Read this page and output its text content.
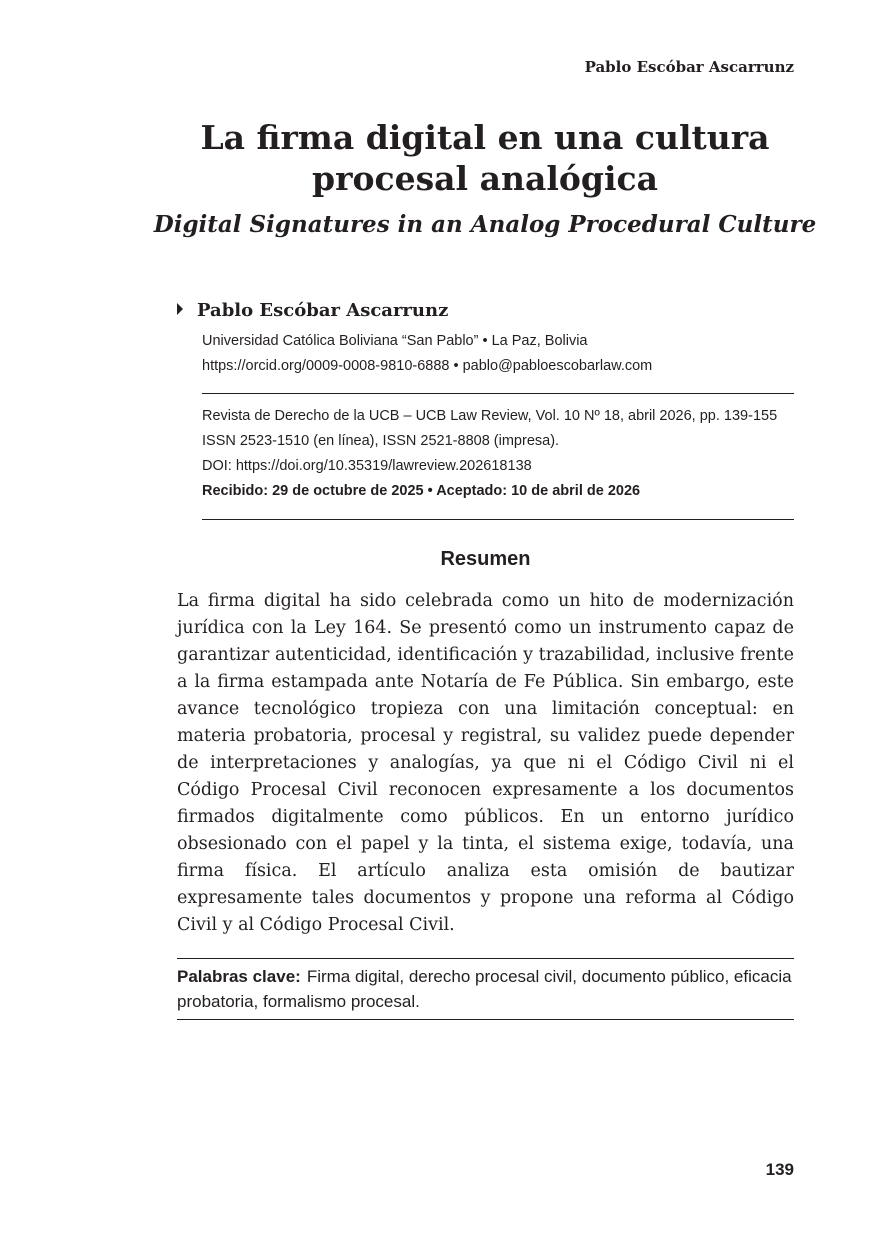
Pablo Escóbar Ascarrunz
La firma digital en una cultura
procesal analógica
Digital Signatures in an Analog Procedural Culture
Pablo Escóbar Ascarrunz
Universidad Católica Boliviana “San Pablo” • La Paz, Bolivia
https://orcid.org/0009-0008-9810-6888 • pablo@pabloescobarlaw.com
Revista de Derecho de la UCB – UCB Law Review, Vol. 10 Nº 18, abril 2026, pp. 139-155
ISSN 2523-1510 (en línea), ISSN 2521-8808 (impresa).
DOI: https://doi.org/10.35319/lawreview.202618138
Recibido: 29 de octubre de 2025 • Aceptado: 10 de abril de 2026
Resumen

La firma digital ha sido celebrada como un hito de modernización jurídica con la Ley 164. Se presentó como un instrumento capaz de garantizar autenticidad, identificación y trazabilidad, inclusive frente a la firma estampada ante Notaría de Fe Pública. Sin embargo, este avance tecnológico tropieza con una limitación conceptual: en materia probatoria, procesal y registral, su validez puede depender de interpretaciones y analogías, ya que ni el Código Civil ni el Código Procesal Civil reconocen expresamente a los documentos firmados digitalmente como públicos. En un entorno jurídico obsesionado con el papel y la tinta, el sistema exige, todavía, una firma física. El artículo analiza esta omisión de bautizar expresamente tales documentos y propone una reforma al Código Civil y al Código Procesal Civil.

Palabras clave: Firma digital, derecho procesal civil, documento público, eficacia probatoria, formalismo procesal.

139
